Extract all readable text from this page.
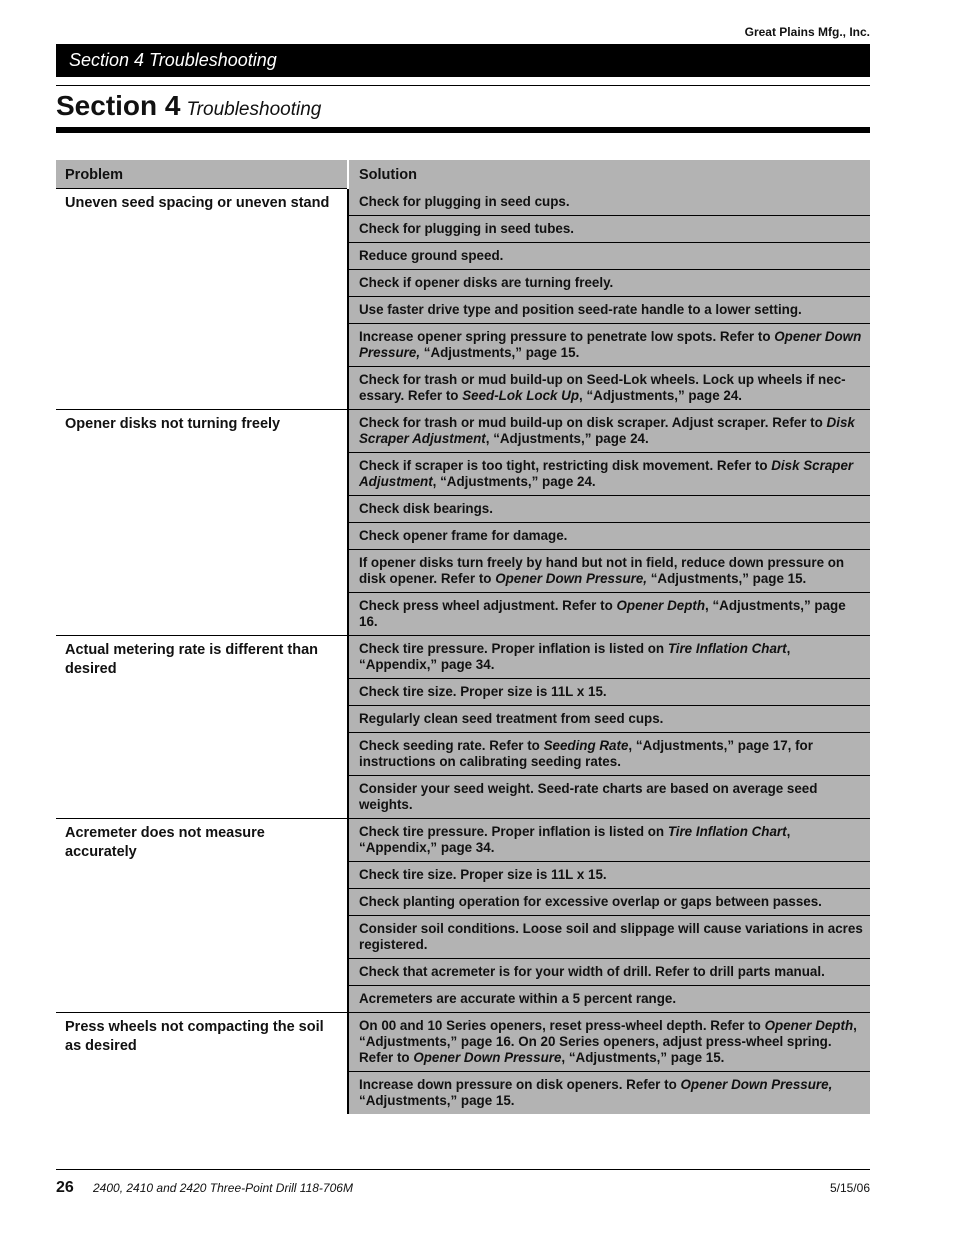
Great Plains Mfg., Inc.
Section 4 Troubleshooting
Section 4 Troubleshooting
Problem	Solution
Uneven seed spacing or uneven stand	Check for plugging in seed cups.
	Check for plugging in seed tubes.
	Reduce ground speed.
	Check if opener disks are turning freely.
	Use faster drive type and position seed-rate handle to a lower setting.
	Increase opener spring pressure to penetrate low spots. Refer to Opener Down Pressure, “Adjustments,” page 15.
	Check for trash or mud build-up on Seed-Lok wheels. Lock up wheels if nec-essary. Refer to Seed-Lok Lock Up, “Adjustments,” page 24.
Opener disks not turning freely	Check for trash or mud build-up on disk scraper. Adjust scraper. Refer to Disk Scraper Adjustment, “Adjustments,” page 24.
	Check if scraper is too tight, restricting disk movement. Refer to Disk Scraper Adjustment, “Adjustments,” page 24.
	Check disk bearings.
	Check opener frame for damage.
	If opener disks turn freely by hand but not in field, reduce down pressure on disk opener. Refer to Opener Down Pressure, “Adjustments,” page 15.
	Check press wheel adjustment. Refer to Opener Depth, “Adjustments,” page 16.
Actual metering rate is different than desired	Check tire pressure. Proper inflation is listed on Tire Inflation Chart, “Appendix,” page 34.
	Check tire size. Proper size is 11L x 15.
	Regularly clean seed treatment from seed cups.
	Check seeding rate. Refer to Seeding Rate, “Adjustments,” page 17, for instructions on calibrating seeding rates.
	Consider your seed weight. Seed-rate charts are based on average seed weights.
Acremeter does not measure accurately	Check tire pressure. Proper inflation is listed on Tire Inflation Chart, “Appendix,” page 34.
	Check tire size. Proper size is 11L x 15.
	Check planting operation for excessive overlap or gaps between passes.
	Consider soil conditions. Loose soil and slippage will cause variations in acres registered.
	Check that acremeter is for your width of drill. Refer to drill parts manual.
	Acremeters are accurate within a 5 percent range.
Press wheels not compacting the soil as desired	On 00 and 10 Series openers, reset press-wheel depth. Refer to Opener Depth, “Adjustments,” page 16. On 20 Series openers, adjust press-wheel spring. Refer to Opener Down Pressure, “Adjustments,” page 15.
	Increase down pressure on disk openers. Refer to Opener Down Pressure, “Adjustments,” page 15.
26 2400, 2410 and 2420 Three-Point Drill 118-706M	5/15/06
